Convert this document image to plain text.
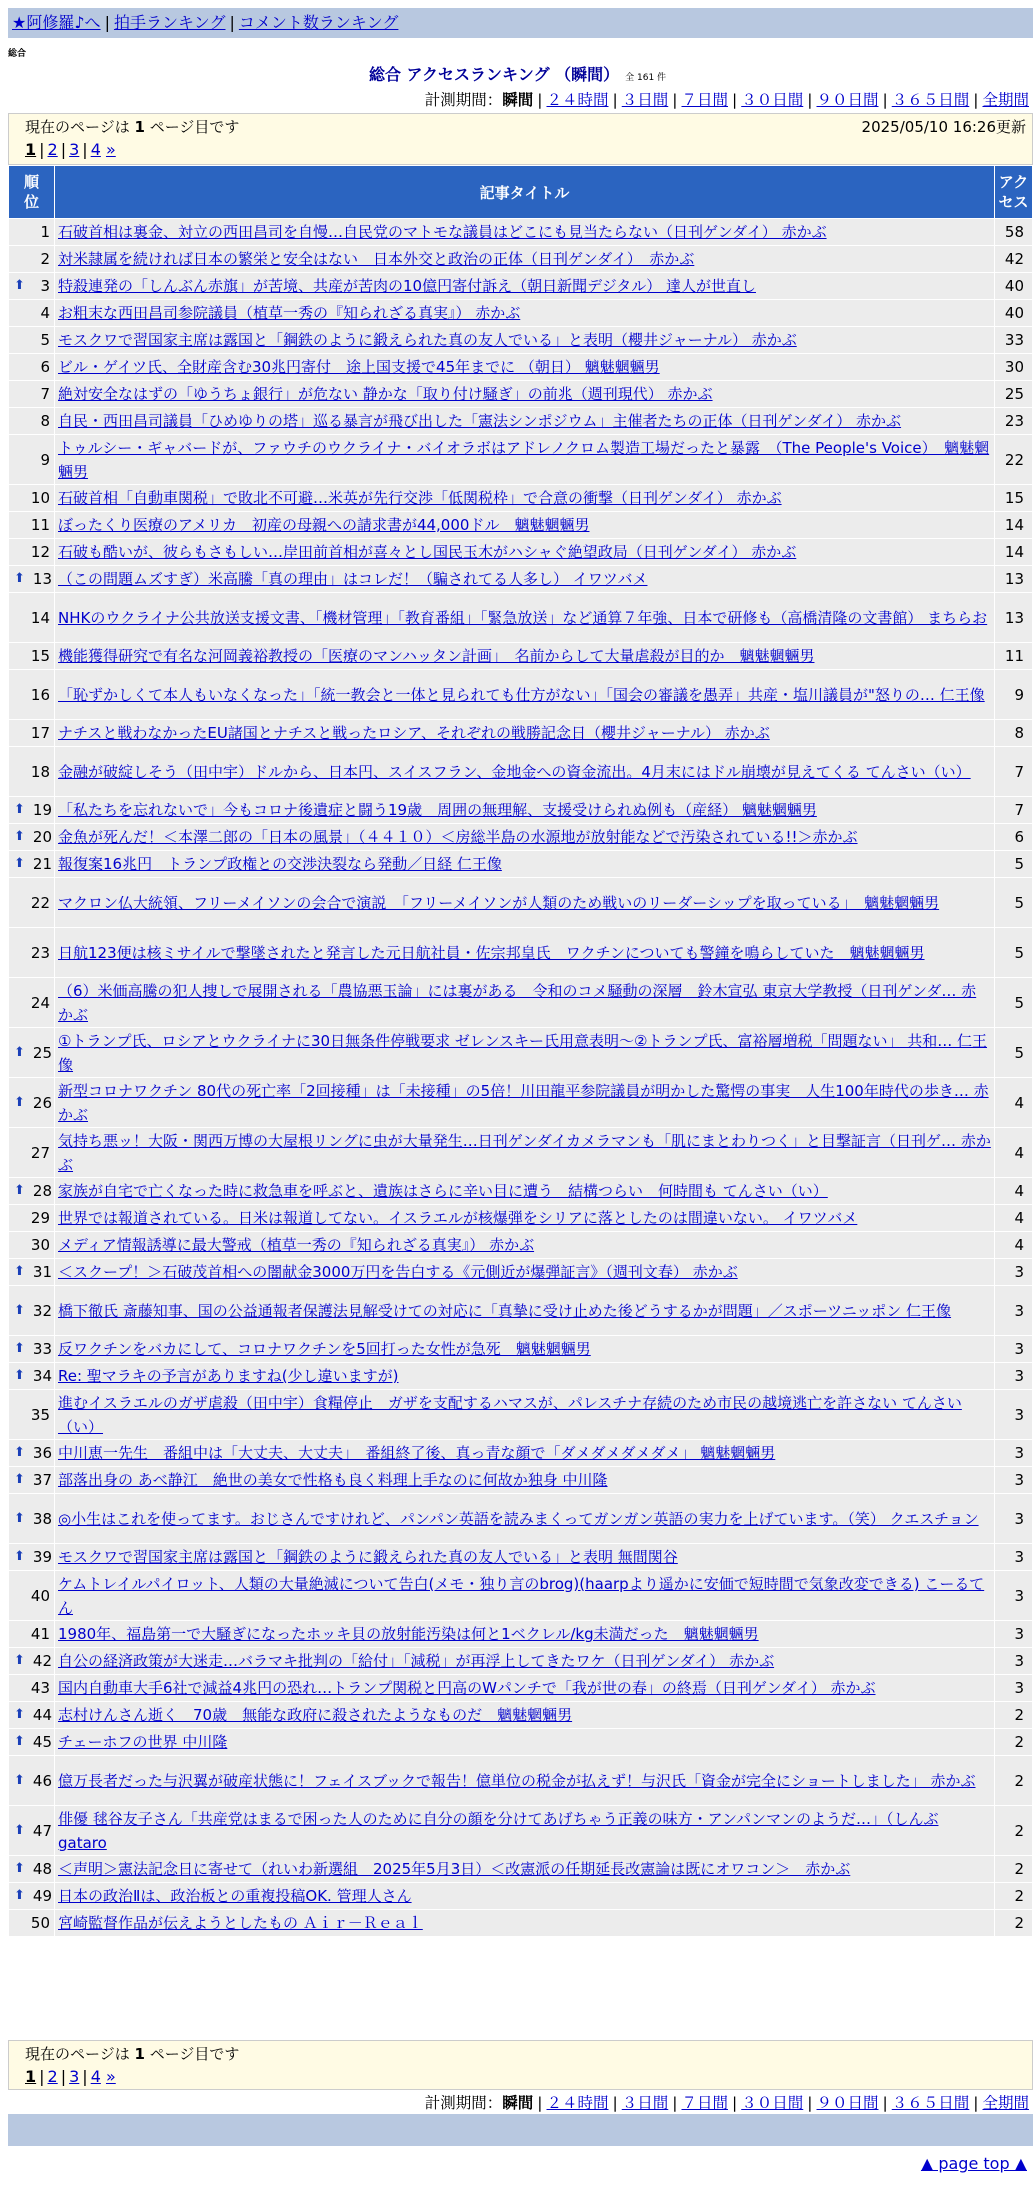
★阿修羅♪へ | 拍手ランキング | コメント数ランキング
総合
総合 アクセスランキング （瞬間） 全 161 件
計測期間：瞬間 | ２４時間 | ３日間 | ７日間 | ３０日間 | ９０日間 | ３６５日間 | 全期間
現在のページは 1 ページ目です	2025/05/10 16:26更新
1 | 2 | 3 | 4 »
順
位	記事タイトル	アク
セス
1	石破首相は裏金、対立の西田昌司を自慢…自民党のマトモな議員はどこにも見当たらない（日刊ゲンダイ） 赤かぶ	58
2	対米隷属を続ければ日本の繁栄と安全はない　日本外交と政治の正体（日刊ゲンダイ）　赤かぶ	42

⬆ 3	特殺連発の「しんぶん赤旗」が苦境、共産が苦肉の10億円寄付訴え（朝日新聞デジタル） 達人が世直し	40
4	お粗末な西田昌司参院議員（植草一秀の『知られざる真実』） 赤かぶ	40
5	モスクワで習国家主席は露国と「鋼鉄のように鍛えられた真の友人でいる」と表明（櫻井ジャーナル） 赤かぶ	33
6	ビル・ゲイツ氏、全財産含む30兆円寄付　途上国支援で45年までに （朝日） 魑魅魍魎男	30
7	絶対安全なはずの「ゆうちょ銀行」が危ない 静かな「取り付け騒ぎ」の前兆（週刊現代） 赤かぶ	25
8	自民・西田昌司議員「ひめゆりの塔」巡る暴言が飛び出した「憲法シンポジウム」主催者たちの正体（日刊ゲンダイ） 赤かぶ	23
9	トゥルシー・ギャバードが、ファウチのウクライナ・バイオラボはアドレノクロム製造工場だったと暴露　（The People's Voice）　魑魅魍魎男	22
10	石破首相「自動車関税」で敗北不可避…米英が先行交渉「低関税枠」で合意の衝撃（日刊ゲンダイ） 赤かぶ	15
11	ぼったくり医療のアメリカ　初産の母親への請求書が44,000ドル　魑魅魍魎男	14
12	石破も酷いが、彼らもさもしい…岸田前首相が喜々とし国民玉木がハシャぐ絶望政局（日刊ゲンダイ） 赤かぶ	14

⬆ 13	（この問題ムズすぎ）米高騰「真の理由」はコレだ！（騙されてる人多し） イワツバメ	13
14	NHKのウクライナ公共放送支援文書、「機材管理」「教育番組」「緊急放送」など通算７年強、日本で研修も（高橋清隆の文書館） まちらお	13
15	機能獲得研究で有名な河岡義裕教授の「医療のマンハッタン計画」　名前からして大量虐殺が目的か　魑魅魍魎男	11
16	「恥ずかしくて本人もいなくなった」「統一教会と一体と見られても仕方がない」「国会の審議を愚弄」共産・塩川議員が"怒りの… 仁王像	9
17	ナチスと戦わなかったEU諸国とナチスと戦ったロシア、それぞれの戦勝記念日（櫻井ジャーナル） 赤かぶ	8
18	金融が破綻しそう（田中宇）ドルから、日本円、スイスフラン、金地金への資金流出。4月末にはドル崩壊が見えてくる てんさい（い）	7

⬆ 19	「私たちを忘れないで」今もコロナ後遺症と闘う19歳　周囲の無理解、支援受けられぬ例も（産経） 魑魅魍魎男	7

⬆ 20	金魚が死んだ！＜本澤二郎の「日本の風景」（４４１０）＜房総半島の水源地が放射能などで汚染されている!!＞赤かぶ	6

⬆ 21	報復案16兆円　トランプ政権との交渉決裂なら発動／日経 仁王像	5
22	マクロン仏大統領、フリーメイソンの会合で演説　「フリーメイソンが人類のため戦いのリーダーシップを取っている」　魑魅魍魎男	5
23	日航123便は核ミサイルで撃墜されたと発言した元日航社員・佐宗邦皇氏　ワクチンについても警鐘を鳴らしていた　魑魅魍魎男	5
24	（6）米価高騰の犯人捜しで展開される「農協悪玉論」には裏がある　令和のコメ騒動の深層　鈴木宣弘 東京大学教授（日刊ゲンダ… 赤かぶ	5

⬆ 25	①トランプ氏、ロシアとウクライナに30日無条件停戦要求 ゼレンスキー氏用意表明～②トランプ氏、富裕層増税「問題ない」 共和… 仁王像	5

⬆ 26	新型コロナワクチン 80代の死亡率「2回接種」は「未接種」の5倍！川田龍平参院議員が明かした驚愕の事実　人生100年時代の歩き… 赤かぶ	4
27	気持ち悪ッ！大阪・関西万博の大屋根リングに虫が大量発生…日刊ゲンダイカメラマンも「肌にまとわりつく」と目撃証言（日刊ゲ… 赤かぶ	4

⬆ 28	家族が自宅で亡くなった時に救急車を呼ぶと、遺族はさらに辛い目に遭う　結構つらい　何時間も てんさい（い）	4
29	世界では報道されている。日米は報道してない。イスラエルが核爆弾をシリアに落としたのは間違いない。 イワツバメ	4
30	メディア情報誘導に最大警戒（植草一秀の『知られざる真実』） 赤かぶ	4

⬆ 31	＜スクープ！＞石破茂首相への闇献金3000万円を告白する《元側近が爆弾証言》（週刊文春） 赤かぶ	3

⬆ 32	橋下徹氏 斎藤知事、国の公益通報者保護法見解受けての対応に「真摯に受け止めた後どうするかが問題」／スポーツニッポン 仁王像	3

⬆ 33	反ワクチンをバカにして、コロナワクチンを5回打った女性が急死　魑魅魍魎男	3

⬆ 34	Re: 聖マラキの予言がありますね(少し違いますが)	3
35	進むイスラエルのガザ虐殺（田中宇）食糧停止　ガザを支配するハマスが、パレスチナ存続のため市民の越境逃亡を許さない てんさい（い）	3

⬆ 36	中川恵一先生　番組中は「大丈夫、大丈夫」　番組終了後、真っ青な顔で「ダメダメダメダメ」 魑魅魍魎男	3

⬆ 37	部落出身の あべ静江　絶世の美女で性格も良く料理上手なのに何故か独身 中川隆	3

⬆ 38	◎小生はこれを使ってます。おじさんですけれど、パンパン英語を読みまくってガンガン英語の実力を上げています。（笑） クエスチョン	3

⬆ 39	モスクワで習国家主席は露国と「鋼鉄のように鍛えられた真の友人でいる」と表明 無間関谷	3
40	ケムトレイルパイロット、人類の大量絶滅について告白(メモ・独り言のbrog)(haarpより遥かに安価で短時間で気象改変できる) こーるてん	3
41	1980年、福島第一で大騒ぎになったホッキ貝の放射能汚染は何と1ベクレル/kg未満だった　魑魅魍魎男	3

⬆ 42	自公の経済政策が大迷走…バラマキ批判の「給付」「減税」が再浮上してきたワケ（日刊ゲンダイ） 赤かぶ	3
43	国内自動車大手6社で減益4兆円の恐れ…トランプ関税と円高のWパンチで「我が世の春」の終焉（日刊ゲンダイ） 赤かぶ	3

⬆ 44	志村けんさん逝く　70歳　無能な政府に殺されたようなものだ　魑魅魍魎男	2

⬆ 45	チェーホフの世界 中川隆	2

⬆ 46	億万長者だった与沢翼が破産状態に！フェイスブックで報告！億単位の税金が払えず！与沢氏「資金が完全にショートしました」 赤かぶ	2

⬆ 47	俳優 毬谷友子さん「共産党はまるで困った人のために自分の顔を分けてあげちゃう正義の味方・アンパンマンのようだ…」（しんぶ gataro	2

⬆ 48	＜声明＞憲法記念日に寄せて（れいわ新選組　2025年5月3日）＜改憲派の任期延長改憲論は既にオワコン＞　赤かぶ	2

⬆ 49	日本の政治Ⅱは、政治板との重複投稿OK. 管理人さん	2
50	宮崎監督作品が伝えようとしたもの Ａｉｒ－Ｒｅａｌ	2
現在のページは 1 ページ目です
1 | 2 | 3 | 4 »
計測期間：瞬間 | ２４時間 | ３日間 | ７日間 | ３０日間 | ９０日間 | ３６５日間 | 全期間
▲ page top ▲
